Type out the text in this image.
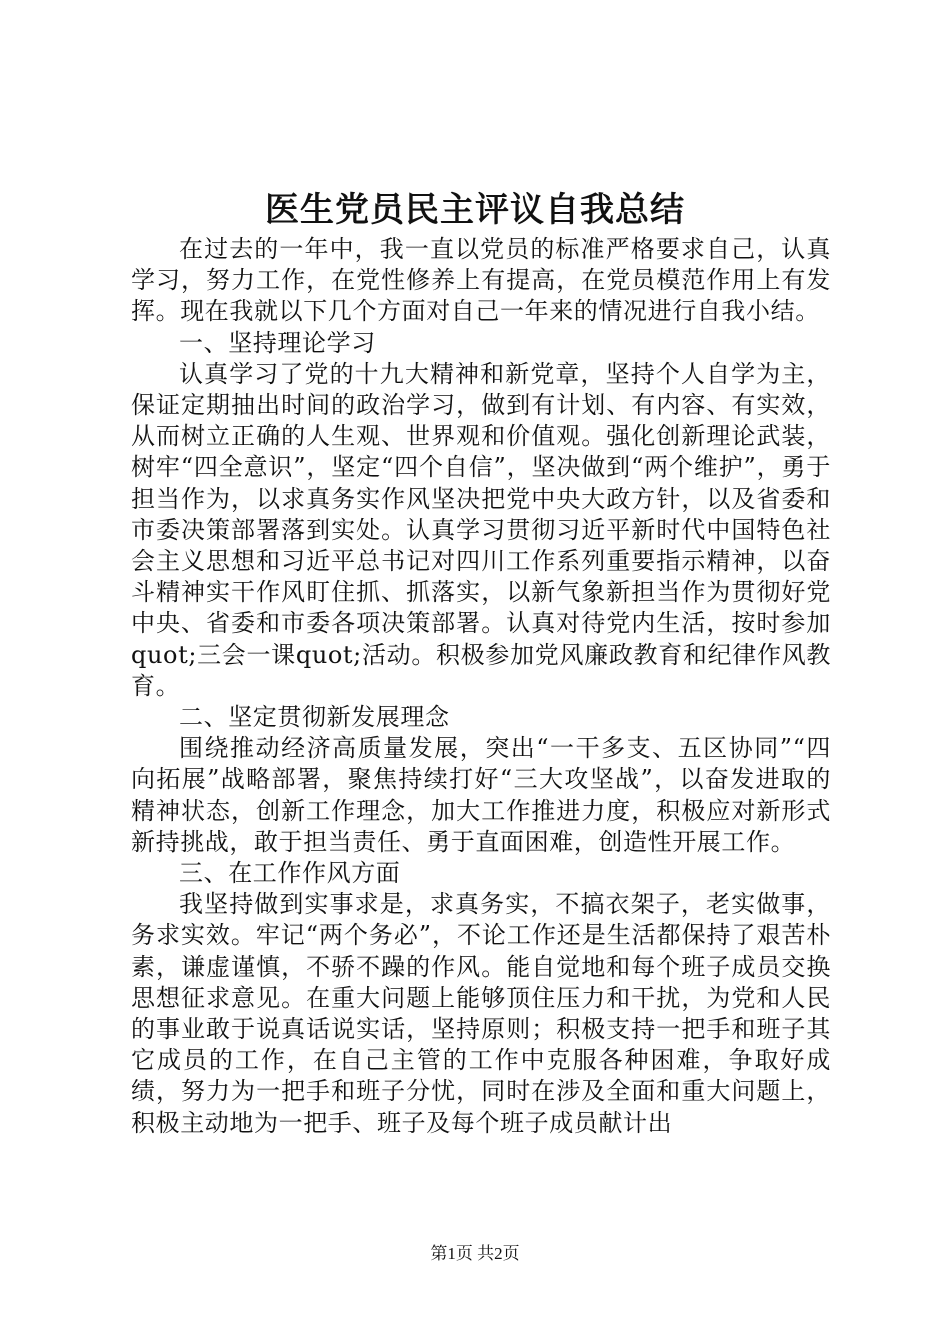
医生党员民主评议自我总结

在过去的一年中，我一直以党员的标准严格要求自己，认真学习，努力工作，在党性修养上有提高，在党员模范作用上有发挥。现在我就以下几个方面对自己一年来的情况进行自我小结。

一、坚持理论学习

认真学习了党的十九大精神和新党章，坚持个人自学为主，保证定期抽出时间的政治学习，做到有计划、有内容、有实效，从而树立正确的人生观、世界观和价值观。强化创新理论武装，树牢“四全意识”，坚定“四个自信”，坚决做到“两个维护”，勇于担当作为，以求真务实作风坚决把党中央大政方针，以及省委和市委决策部署落到实处。认真学习贯彻习近平新时代中国特色社会主义思想和习近平总书记对四川工作系列重要指示精神，以奋斗精神实干作风盯住抓、抓落实，以新气象新担当作为贯彻好党中央、省委和市委各项决策部署。认真对待党内生活，按时参加quot;三会一课quot;活动。积极参加党风廉政教育和纪律作风教育。

二、坚定贯彻新发展理念

围绕推动经济高质量发展，突出“一干多支、五区协同”“四向拓展”战略部署，聚焦持续打好“三大攻坚战”，以奋发进取的精神状态，创新工作理念，加大工作推进力度，积极应对新形式新持挑战，敢于担当责任、勇于直面困难，创造性开展工作。

三、在工作作风方面

我坚持做到实事求是，求真务实，不搞衣架子，老实做事，务求实效。牢记“两个务必”，不论工作还是生活都保持了艰苦朴素，谦虚谨慎，不骄不躁的作风。能自觉地和每个班子成员交换思想征求意见。在重大问题上能够顶住压力和干扰，为党和人民的事业敢于说真话说实话，坚持原则；积极支持一把手和班子其它成员的工作，在自己主管的工作中克服各种困难，争取好成绩，努力为一把手和班子分忧，同时在涉及全面和重大问题上，积极主动地为一把手、班子及每个班子成员献计出

第1页 共2页
